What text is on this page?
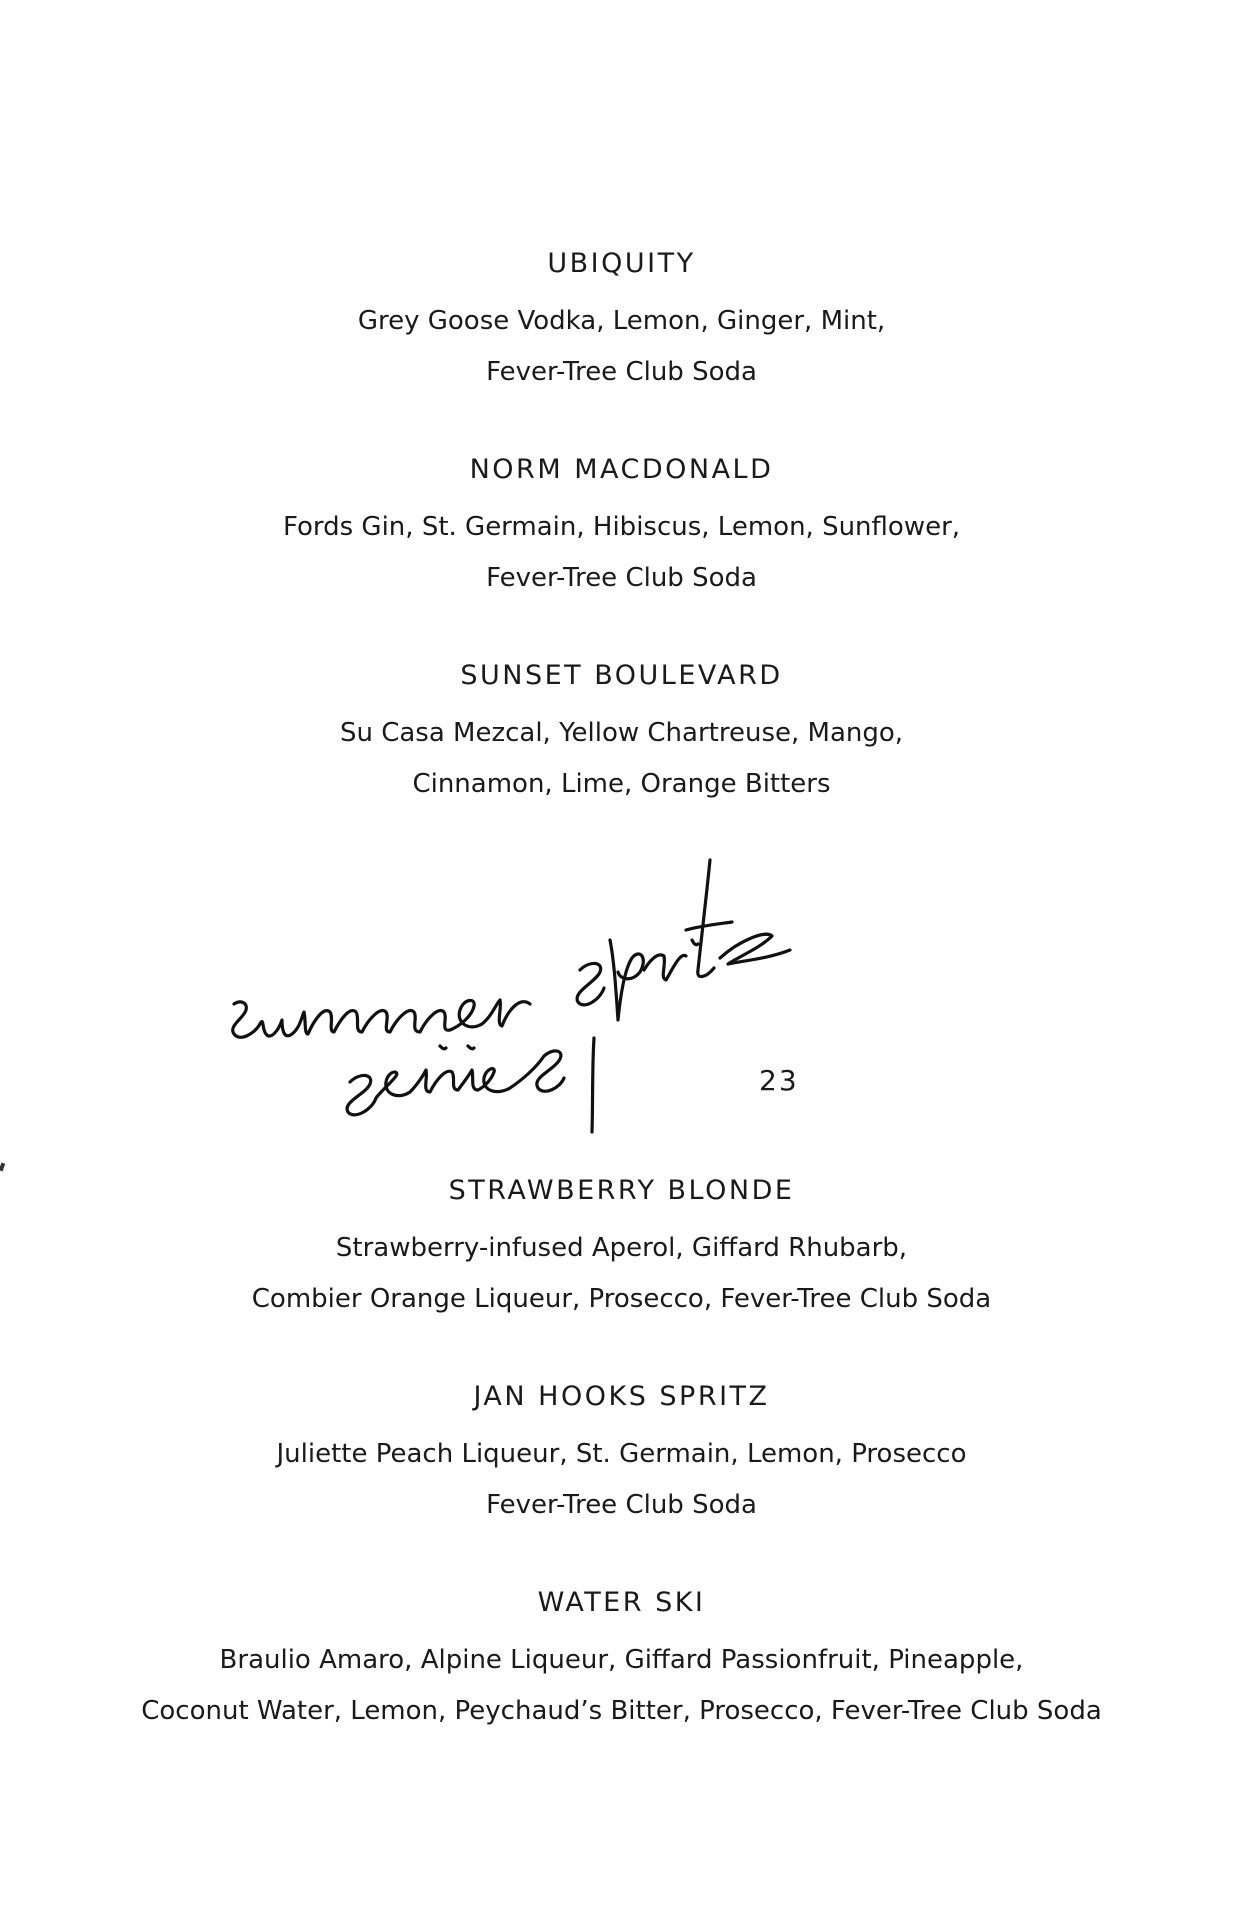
UBIQUITY
Grey Goose Vodka, Lemon, Ginger, Mint,
Fever-Tree Club Soda
NORM MACDONALD
Fords Gin, St. Germain, Hibiscus, Lemon, Sunflower,
Fever-Tree Club Soda
SUNSET BOULEVARD
Su Casa Mezcal, Yellow Chartreuse, Mango,
Cinnamon, Lime, Orange Bitters
23
STRAWBERRY BLONDE
Strawberry-infused Aperol, Giffard Rhubarb,
Combier Orange Liqueur, Prosecco, Fever-Tree Club Soda
JAN HOOKS SPRITZ
Juliette Peach Liqueur, St. Germain, Lemon, Prosecco
Fever-Tree Club Soda
WATER SKI
Braulio Amaro, Alpine Liqueur, Giffard Passionfruit, Pineapple,
Coconut Water, Lemon, Peychaud’s Bitter, Prosecco, Fever-Tree Club Soda
